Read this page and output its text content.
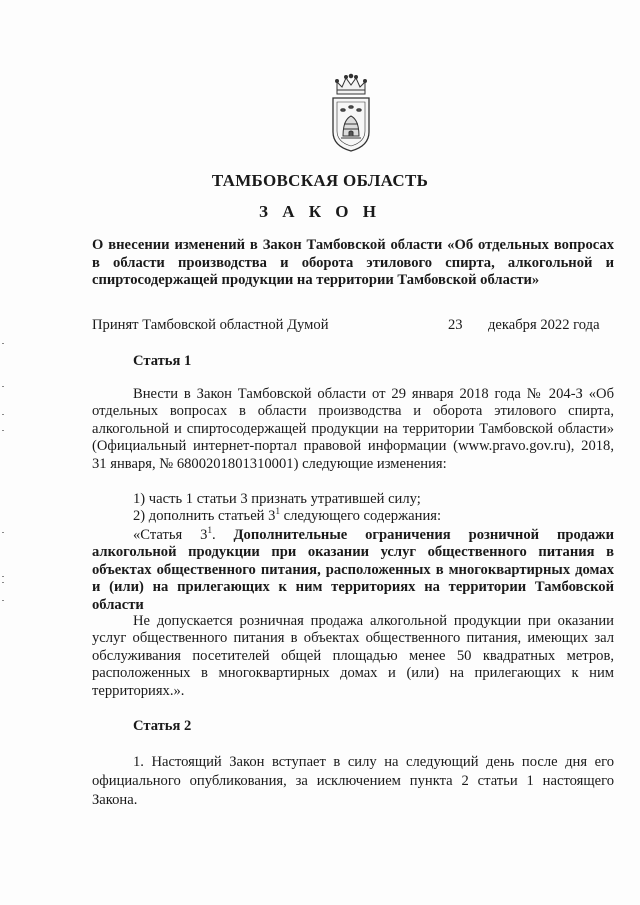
ТАМБОВСКАЯ ОБЛАСТЬ
З А К О Н
О внесении изменений в Закон Тамбовской области «Об отдельных вопросах в области производства и оборота этилового спирта, алкогольной и спиртосодержащей продукции на территории Тамбовской области»
Принят Тамбовской областной Думой	23 декабря 2022 года
Статья 1
Внести в Закон Тамбовской области от 29 января 2018 года № 204-З «Об отдельных вопросах в области производства и оборота этилового спирта, алкогольной и спиртосодержащей продукции на территории Тамбовской области» (Официальный интернет-портал правовой информации (www.pravo.gov.ru), 2018, 31 января, № 6800201801310001) следующие изменения:
1) часть 1 статьи 3 признать утратившей силу;
2) дополнить статьей $3^1$ следующего содержания:
«Статья $3^1$. Дополнительные ограничения розничной продажи алкогольной продукции при оказании услуг общественного питания в объектах общественного питания, расположенных в многоквартирных домах и (или) на прилегающих к ним территориях на территории Тамбовской области
Не допускается розничная продажа алкогольной продукции при оказании услуг общественного питания в объектах общественного питания, имеющих зал обслуживания посетителей общей площадью менее 50 квадратных метров, расположенных в многоквартирных домах и (или) на прилегающих к ним территориях.».
Статья 2
1. Настоящий Закон вступает в силу на следующий день после дня его официального опубликования, за исключением пункта 2 статьи 1 настоящего Закона.
